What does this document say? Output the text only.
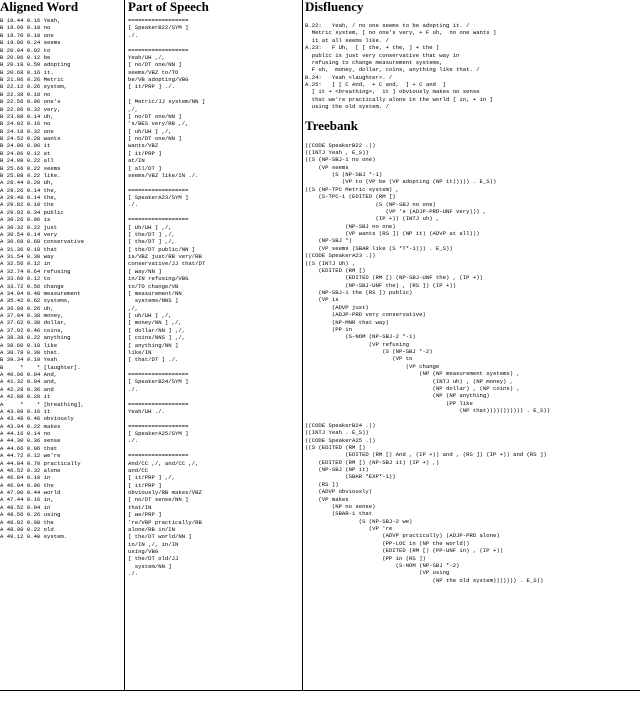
Aligned Word
B 19.44 0.16 Yeah,
B 19.60 0.10 no
B 19.70 0.10 one
B 19.80 0.24 seems
B 20.04 0.02 to
B 20.06 0.12 be
B 20.18 0.50 adopting
B 20.68 0.16 it.
B 21.86 0.26 Metric
B 22.12 0.26 system,
B 22.38 0.18 no
B 22.56 0.06 one's
B 22.86 0.32 very,
B 23.88 0.14 uh,
B 24.02 0.16 no
B 24.18 0.32 one
B 24.52 0.28 wants
B 24.80 0.06 it
B 24.86 0.12 at
B 24.98 0.22 all
B 25.66 0.22 seems
B 25.88 0.22 like.
A 28.44 0.28 Uh,
A 29.26 0.14 the,
A 29.48 0.14 the,
A 29.82 0.10 the
A 29.92 0.34 public
A 30.26 0.06 is
A 30.32 0.22 just
A 30.54 0.14 very
A 30.68 0.68 conservative
A 31.36 0.18 that
A 31.54 0.30 way
A 32.56 0.12 in
A 32.74 0.64 refusing
A 33.60 0.12 to
A 33.72 0.56 change
A 34.94 0.48 measurement
A 35.42 0.62 systems,
A 36.08 0.26 uh,
A 37.04 0.38 money,
A 37.62 0.30 dollar,
A 37.92 0.46 coins,
A 38.38 0.22 anything
A 38.60 0.18 like
A 38.78 0.30 that.
B 39.34 0.10 Yeah
B     *    * [laughter].
A 40.96 0.04 And,
A 41.32 0.04 and,
A 42.28 0.36 and
A 42.88 0.20 it
A     *    * [breathing],
A 43.08 0.16 it
A 43.48 0.46 obviously
A 43.94 0.22 makes
A 44.16 0.14 no
A 44.30 0.36 sense
A 44.66 0.06 that
A 44.72 0.12 we're
A 44.84 0.70 practically
A 46.52 0.32 alone
A 46.84 0.10 in
A 46.94 0.06 the
A 47.00 0.44 world
A 47.44 0.16 in,
A 48.52 0.04 in
A 48.56 0.26 using
A 48.82 0.08 the
A 48.90 0.22 old
A 49.12 0.40 system.
Part of Speech
==================
[ SpeakerB22/SYM ]
./.

==================
Yeah/UH ,/,
[ no/DT one/NN ]
seems/VBZ to/TO
be/VB adopting/VBG
[ it/PRP ] ./.

[ Metric/JJ system/NN ]
,/,
[ no/DT one/NN ]
's/BES very/RB ,/,
[ uh/UH ] ,/,
[ no/DT one/NN ]
wants/VBZ
[ it/PRP ]
at/IN
[ all/DT ]
seems/VBZ like/IN ./.

==================
[ SpeakerA23/SYM ]
./.

==================
[ Uh/UH ] ,/,
[ the/DT ] ,/,
[ the/DT ] ,/,
[ the/DT public/NN ]
is/VBZ just/RB very/RB
conservative/JJ that/DT
[ way/NN ]
in/IN refusing/VBG
to/TO change/VB
[ measurement/NN
systems/NNS ]
,/,
[ uh/UH ] ,/,
[ money/NN ] ,/,
[ dollar/NN ] ,/,
[ coins/NNS ] ,/,
[ anything/NN ]
like/IN
[ that/DT ] ./.

==================
[ SpeakerB24/SYM ]
./.

==================
Yeah/UH ./.

==================
[ SpeakerA25/SYM ]
./.

==================
And/CC ,/, and/CC ,/,
and/CC
[ it/PRP ] ,/,
[ it/PRP ]
obviously/RB makes/VBZ
[ no/DT sense/NN ]
that/IN
[ we/PRP ]
're/VBP practically/RB
alone/RB in/IN
[ the/DT world/NN ]
in/IN ,/, in/IN
using/VBG
[ the/DT old/JJ
system/NN ]
./.
Disfluency
B.22:   Yeah, / no one seems to be adopting it. /
Metric system, [ no one's very, + F uh,  no one wants ]
it at all seems like. /
A.23:   F Uh,  [ [ the, + the, ] + the ]
public is just very conservative that way in
refusing to change measurement systems,
F uh,  money, dollar, coins, anything like that. /
B.24:   Yeah <laughter>. /
A.25:   [ [ C And,  + C and,  ] + C and  ]
[ it + <breathing>,  it ] obviously makes no sense
that we're practically alone in the world [ in, + in ]
using the old system. /
Treebank
((CODE SpeakerB22 .))
((INTJ Yeah , E_S))
((S (NP-SBJ-1 no one)
(VP seems
(S (NP-SBJ *-1)
(VP to (VP be (VP adopting (NP it))))) . E_S))
((S (NP-TPC Metric system) ,
(S-TPC-1 (EDITED (RM [)
(S (NP-SBJ no one)
(VP 's (ADJP-PRD-UNF very))) ,
(IP +)) (INTJ uh) ,
(NP-SBJ no one)
(VP wants (RS ]) (NP it) (ADVP at all)))
(NP-SBJ *)
(VP seems (SBAR like (S *T*-1))) . E_S))
((CODE SpeakerA23 .))
((S (INTJ Uh) ,
(EDITED (RM [)
(EDITED (RM [) (NP-SBJ-UNF the) , (IP +))
(NP-SBJ-UNF the) , (RS ]) (IP +))
(NP-SBJ-1 the (RS ]) public)
(VP is
(ADVP just)
(ADJP-PRD very conservative)
(NP-MNR that way)
(PP in
(S-NOM (NP-SBJ-2 *-1)
(VP refusing
(S (NP-SBJ *-2)
(VP to
(VP change
(NP (NP measurement systems) ,
(INTJ uh) , (NP money) ,
(NP dollar) , (NP coins) ,
(NP (NP anything)
(PP like
(NP that))))))))))) . E_S))

((CODE SpeakerB24 .))
((INTJ Yeah . E_S))
((CODE SpeakerA25 .))
((S (EDITED (RM [)
(EDITED (RM [) And , (IP +)) and , (RS ]) (IP +)) and (RS ])
(EDITED (RM [) (NP-SBJ it) (IP +) ,)
(NP-SBJ (NP it)
(SBAR *EXP*-1))
(RS ])
(ADVP obviously)
(VP makes
(NP no sense)
(SBAR-1 that
(S (NP-SBJ-2 we)
(VP 're
(ADVP practically) (ADJP-PRD alone)
(PP-LOC in (NP the world))
(EDITED (RM [) (PP-UNF in) , (IP +))
(PP in (RS ])
(S-NOM (NP-SBJ *-2)
(VP using
(NP the old system))))))) . E_S))
